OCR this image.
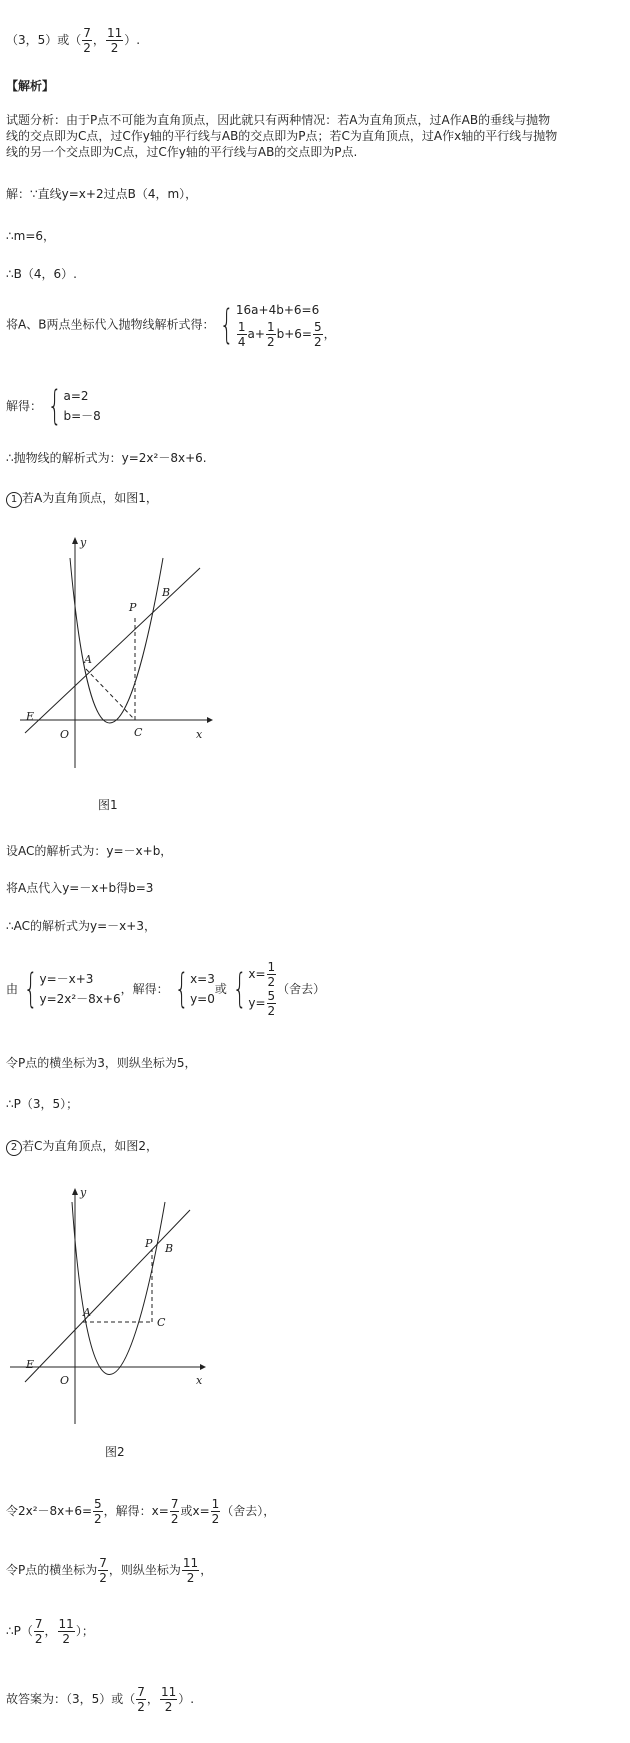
（3，5）或（ $\frac{7}{2}$ ， $\frac{11}{2}$ ）.
【解析】
试题分析：由于P点不可能为直角顶点，因此就只有两种情况：若A为直角顶点，过A作AB的垂线与抛物
线的交点即为C点，过C作y轴的平行线与AB的交点即为P点；若C为直角顶点，过A作x轴的平行线与抛物
线的另一个交点即为C点，过C作y轴的平行线与AB的交点即为P点.
解：∵直线y=x+2过点B（4，m），
∴m=6，
∴B（4，6）.
将A、B两点坐标代入抛物线解析式得： { 16a+4b+6=6
$\frac{1}{4} a+ \frac{1}{2} b+6= \frac{5}{2}$ ，
解得： { a=2
b=－8
∴抛物线的解析式为：y=2x²－8x+6.
1 若A为直角顶点，如图1，
y
x
O
A
B
C
P
E
图1
设AC的解析式为：y=－x+b，
将A点代入y=－x+b得b=3
∴AC的解析式为y=－x+3，
由 { y=－x+3
y=2x²－8x+6
，解得： { x=3
y=0
或 { $x= \frac{1}{2}$
$y= \frac{5}{2}$ （舍去）
令P点的横坐标为3，则纵坐标为5，
∴P（3，5）；
2 若C为直角顶点，如图2，
y
x
O
A
B
C
P
E
图2
令$2x^2-8x+6= \frac{5}{2}$ ，解得：$x= \frac{7}{2}$ 或$x= \frac{1}{2}$ （舍去），
令P点的横坐标为 $\frac{7}{2}$ ，则纵坐标为 $\frac{11}{2}$ ，
∴P（ $\frac{7}{2}$ ， $\frac{11}{2}$ ）；
故答案为：（3，5）或（ $\frac{7}{2}$ ， $\frac{11}{2}$ ）.
